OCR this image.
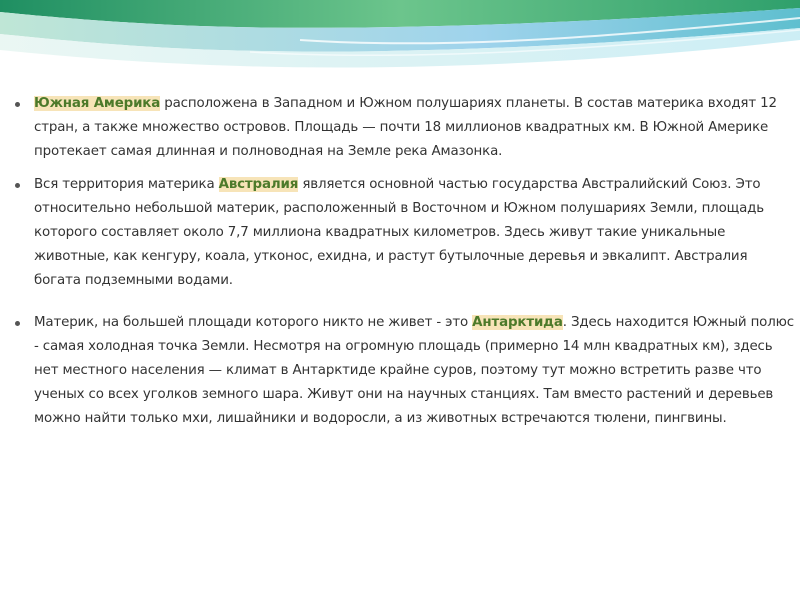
Южная Америка расположена в Западном и Южном полушариях планеты. В состав материка входят 12 стран, а также множество островов. Площадь — почти 18 миллионов квадратных км. В Южной Америке протекает самая длинная и полноводная на Земле река Амазонка.
Вся территория материка Австралия является основной частью государства Австралийский Союз. Это относительно небольшой материк, расположенный в Восточном и Южном полушариях Земли, площадь которого составляет около 7,7 миллиона квадратных километров. Здесь живут такие уникальные животные, как кенгуру, коала, утконос, ехидна, и растут бутылочные деревья и эвкалипт. Австралия богата подземными водами.
Материк, на большей площади которого никто не живет - это Антарктида. Здесь находится Южный полюс - самая холодная точка Земли. Несмотря на огромную площадь (примерно 14 млн квадратных км), здесь нет местного населения — климат в Антарктиде крайне суров, поэтому тут можно встретить разве что ученых со всех уголков земного шара. Живут они на научных станциях. Там вместо растений и деревьев можно найти только мхи, лишайники и водоросли, а из животных встречаются тюлени, пингвины.
